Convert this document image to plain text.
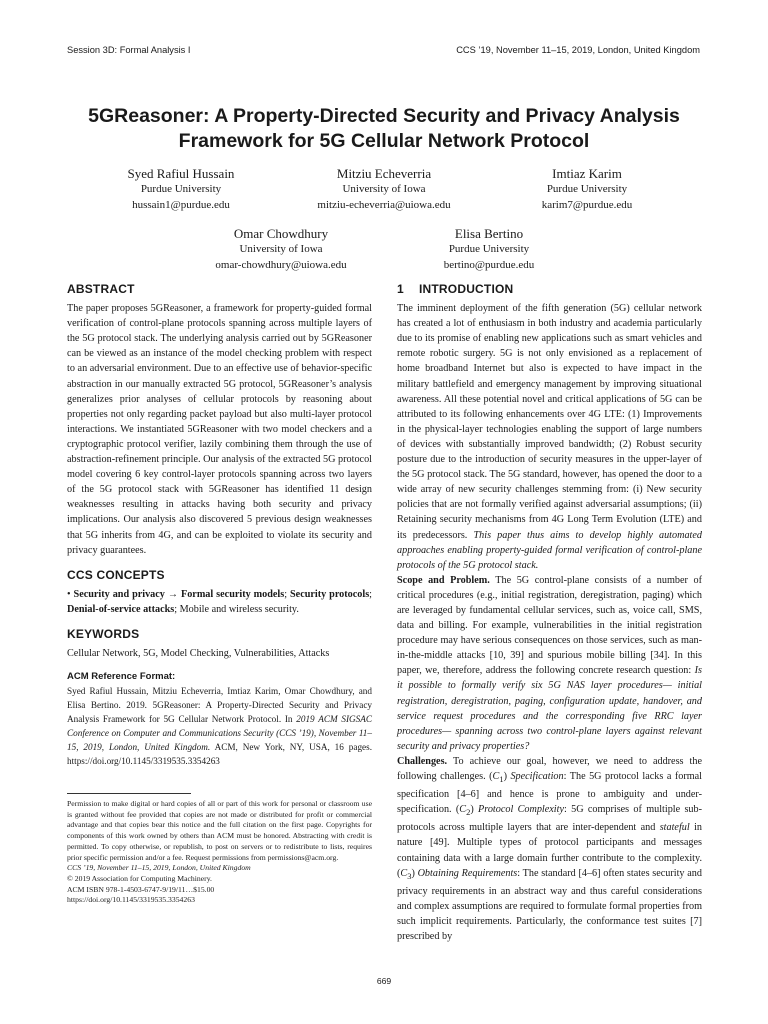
Session 3D: Formal Analysis I	CCS ’19, November 11–15, 2019, London, United Kingdom
5GReasoner: A Property-Directed Security and Privacy Analysis
Framework for 5G Cellular Network Protocol
Syed Rafiul Hussain
Purdue University
hussain1@purdue.edu
Mitziu Echeverria
University of Iowa
mitziu-echeverria@uiowa.edu
Imtiaz Karim
Purdue University
karim7@purdue.edu
Omar Chowdhury
University of Iowa
omar-chowdhury@uiowa.edu
Elisa Bertino
Purdue University
bertino@purdue.edu
ABSTRACT

The paper proposes 5GReasoner, a framework for property-guided formal verification of control-plane protocols spanning across multiple layers of the 5G protocol stack. The underlying analysis carried out by 5GReasoner can be viewed as an instance of the model checking problem with respect to an adversarial environment. Due to an effective use of behavior-specific abstraction in our manually extracted 5G protocol, 5GReasoner’s analysis generalizes prior analyses of cellular protocols by reasoning about properties not only regarding packet payload but also multi-layer protocol interactions. We instantiated 5GReasoner with two model checkers and a cryptographic protocol verifier, lazily combining them through the use of abstraction-refinement principle. Our analysis of the extracted 5G protocol model covering 6 key control-layer protocols spanning across two layers of the 5G protocol stack with 5GReasoner has identified 11 design weaknesses resulting in attacks having both security and privacy implications. Our analysis also discovered 5 previous design weaknesses that 5G inherits from 4G, and can be exploited to violate its security and privacy guarantees.

CCS CONCEPTS

• Security and privacy → Formal security models; Security protocols; Denial-of-service attacks; Mobile and wireless security.

KEYWORDS

Cellular Network, 5G, Model Checking, Vulnerabilities, Attacks

ACM Reference Format:

Syed Rafiul Hussain, Mitziu Echeverria, Imtiaz Karim, Omar Chowdhury, and Elisa Bertino. 2019. 5GReasoner: A Property-Directed Security and Privacy Analysis Framework for 5G Cellular Network Protocol. In 2019 ACM SIGSAC Conference on Computer and Communications Security (CCS ’19), November 11–15, 2019, London, United Kingdom. ACM, New York, NY, USA, 16 pages. https://doi.org/10.1145/3319535.3354263

Permission to make digital or hard copies of all or part of this work for personal or classroom use is granted without fee provided that copies are not made or distributed for profit or commercial advantage and that copies bear this notice and the full citation on the first page. Copyrights for components of this work owned by others than ACM must be honored. Abstracting with credit is permitted. To copy otherwise, or republish, to post on servers or to redistribute to lists, requires prior specific permission and/or a fee. Request permissions from permissions@acm.org.

CCS ’19, November 11–15, 2019, London, United Kingdom

© 2019 Association for Computing Machinery.

ACM ISBN 978-1-4503-6747-9/19/11…$15.00

https://doi.org/10.1145/3319535.3354263

1 INTRODUCTION

The imminent deployment of the fifth generation (5G) cellular network has created a lot of enthusiasm in both industry and academia particularly due to its promise of enabling new applications such as smart vehicles and remote robotic surgery. 5G is not only envisioned as a replacement of home broadband Internet but also is expected to have impact in the military battlefield and emergency management by improving situational awareness. All these potential novel and critical applications of 5G can be attributed to its following enhancements over 4G LTE: (1) Improvements in the physical-layer technologies enabling the support of large numbers of devices with substantially improved bandwidth; (2) Robust security posture due to the introduction of security measures in the upper-layer of the 5G protocol stack. The 5G standard, however, has opened the door to a wide array of new security challenges stemming from: (i) New security policies that are not formally verified against adversarial assumptions; (ii) Retaining security mechanisms from 4G Long Term Evolution (LTE) and its predecessors. This paper thus aims to develop highly automated approaches enabling property-guided formal verification of control-plane protocols of the 5G protocol stack.

Scope and Problem. The 5G control-plane consists of a number of critical procedures (e.g., initial registration, deregistration, paging) which are leveraged by fundamental cellular services, such as, voice call, SMS, data and billing. For example, vulnerabilities in the initial registration procedure may have serious consequences on those services, such as man-in-the-middle attacks [10, 39] and spurious mobile billing [34]. In this paper, we, therefore, address the following concrete research question: Is it possible to formally verify six 5G NAS layer procedures— initial registration, deregistration, paging, configuration update, handover, and service request procedures and the corresponding five RRC layer procedures— spanning across two control-plane layers against relevant security and privacy properties?

Challenges. To achieve our goal, however, we need to address the following challenges. $(C_1)$ Specification: The 5G protocol lacks a formal specification [4–6] and hence is prone to ambiguity and under-specification. $(C_2)$ Protocol Complexity: 5G comprises of multiple sub-protocols across multiple layers that are inter-dependent and stateful in nature [49]. Multiple types of protocol participants and messages containing data with a large domain further contribute to the complexity. $(C_3)$ Obtaining Requirements: The standard [4–6] often states security and privacy requirements in an abstract way and thus careful considerations and complex assumptions are required to formulate formal properties from such implicit requirements. Particularly, the conformance test suites [7] prescribed by

669
